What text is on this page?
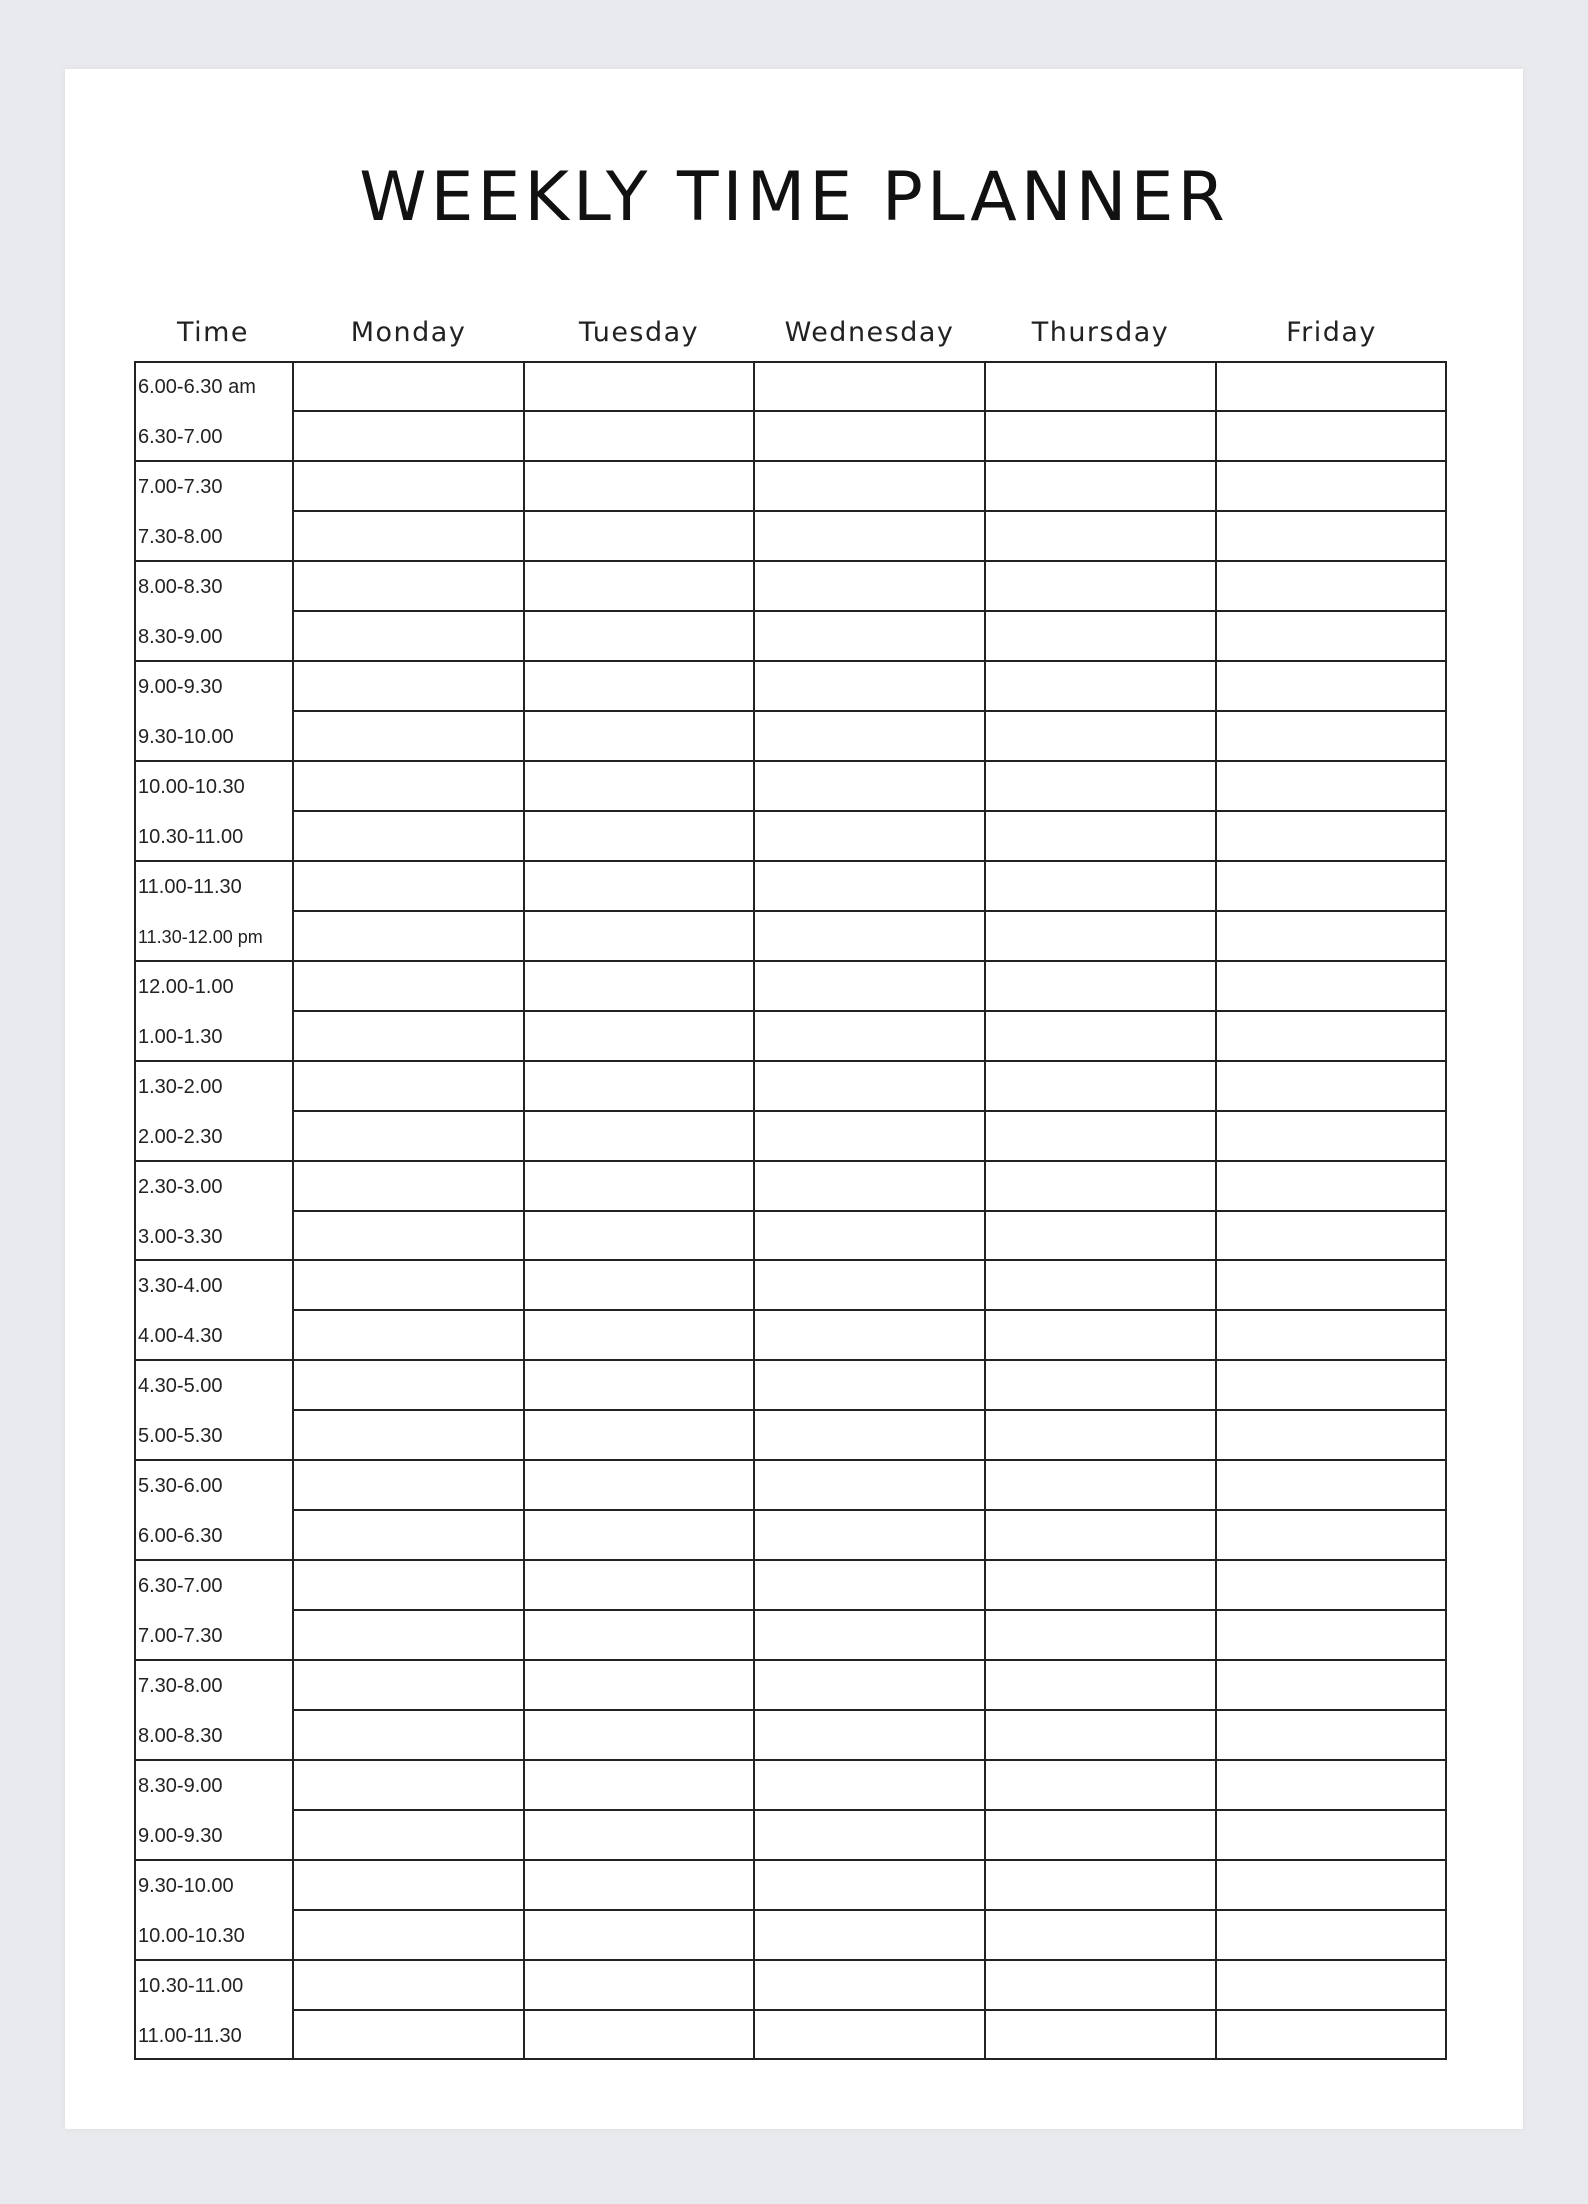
WEEKLY TIME PLANNER
Time	Monday	Tuesday	Wednesday	Thursday	Friday
6.00-6.30 am
6.30-7.00
7.00-7.30
7.30-8.00
8.00-8.30
8.30-9.00
9.00-9.30
9.30-10.00
10.00-10.30
10.30-11.00
11.00-11.30
11.30-12.00 pm
12.00-1.00
1.00-1.30
1.30-2.00
2.00-2.30
2.30-3.00
3.00-3.30
3.30-4.00
4.00-4.30
4.30-5.00
5.00-5.30
5.30-6.00
6.00-6.30
6.30-7.00
7.00-7.30
7.30-8.00
8.00-8.30
8.30-9.00
9.00-9.30
9.30-10.00
10.00-10.30
10.30-11.00
11.00-11.30
